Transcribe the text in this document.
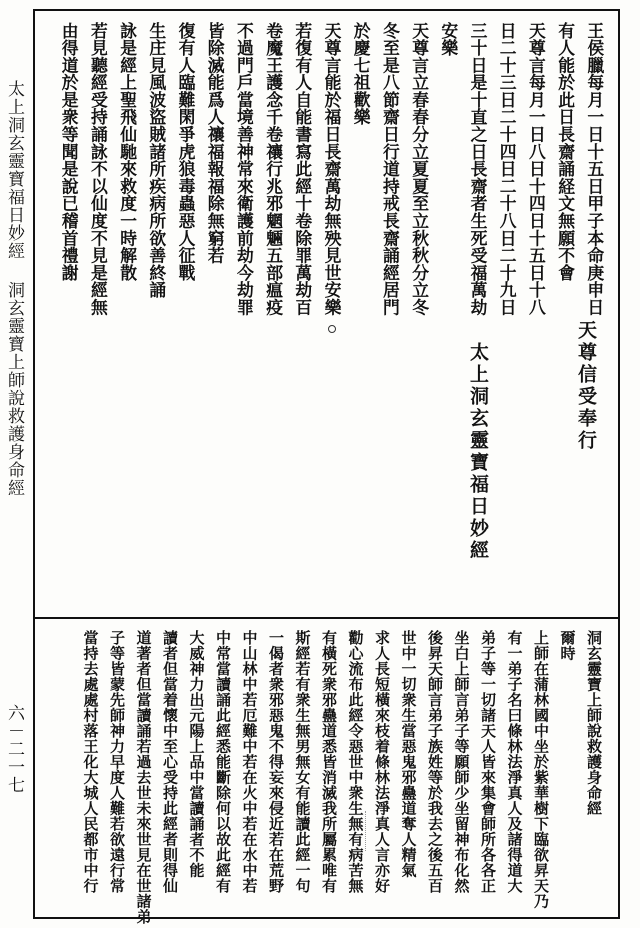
太上洞玄靈寶福日妙經 洞玄靈寶上師說救護身命經
六－二一七
王侯臘每月一日十五日甲子本命庚申日
有人能於此日長齋誦経文無願不會
天尊言每月一日八日十四日十五日十八
日二十三日二十四日二十八日二十九日
三十日是十直之日長齋者生死受福萬劫
安樂
天尊言立春春分立夏夏至立秋秋分立冬
冬至是八節齋日行道持戒長齋誦經居門
於慶七祖歡樂
天尊言能於福日長齋萬劫無殃見世安樂
若復有人自能書寫此經十卷除罪萬劫百
卷魔王護念千卷禳行兆邪魍魎五部瘟疫
不過門戶當境善神常來衛護前劫今劫罪
皆除滅能爲人禳福報福除無窮若
復有人臨難閑爭虎狼毒蟲惡人征戰
生庄見風波盜賊諸所疾病所欲善終誦
詠是經上聖飛仙馳來救度一時解散
若見聽經受持誦詠不以仙度不見是經無
由得道於是衆等聞是說已稽首禮謝
天尊信受奉行
太上洞玄靈寶福日妙經
洞玄靈寶上師說救護身命經
爾時
上師在蒲林國中坐於紫華樹下臨欲昇天乃
有一弟子名曰條林法淨真人及諸得道大
弟子等一切諸天人皆來集會師所各各正
坐白上師言弟子等願師少坐留神布化然
後昇天師言弟子族姓等於我去之後五百
世中一切衆生當惡鬼邪蠱道奪人精氣
求人長短橫來枝着條林法淨真人言亦好
勸心流布此經令惡世中衆生無有病苦無
有橫死衆邪蠱道悉皆消滅我所屬累唯有
斯經若有衆生無男無女有能讀此經一句
一偈者衆邪惡鬼不得妄來侵近若在荒野
中山林中若厄難中若在火中若在水中若
中常當讀誦此經悉能斷除何以故此經有
大威神力出元陽上品中當讀誦者不能
讀者但當着懷中至心受持此經者則得仙
道著者但當讀誦若過去世未來世見在世諸弟
子等皆蒙先師神力早度人難若欲遠行常
當持去處處村落王化大城人民都市中行
